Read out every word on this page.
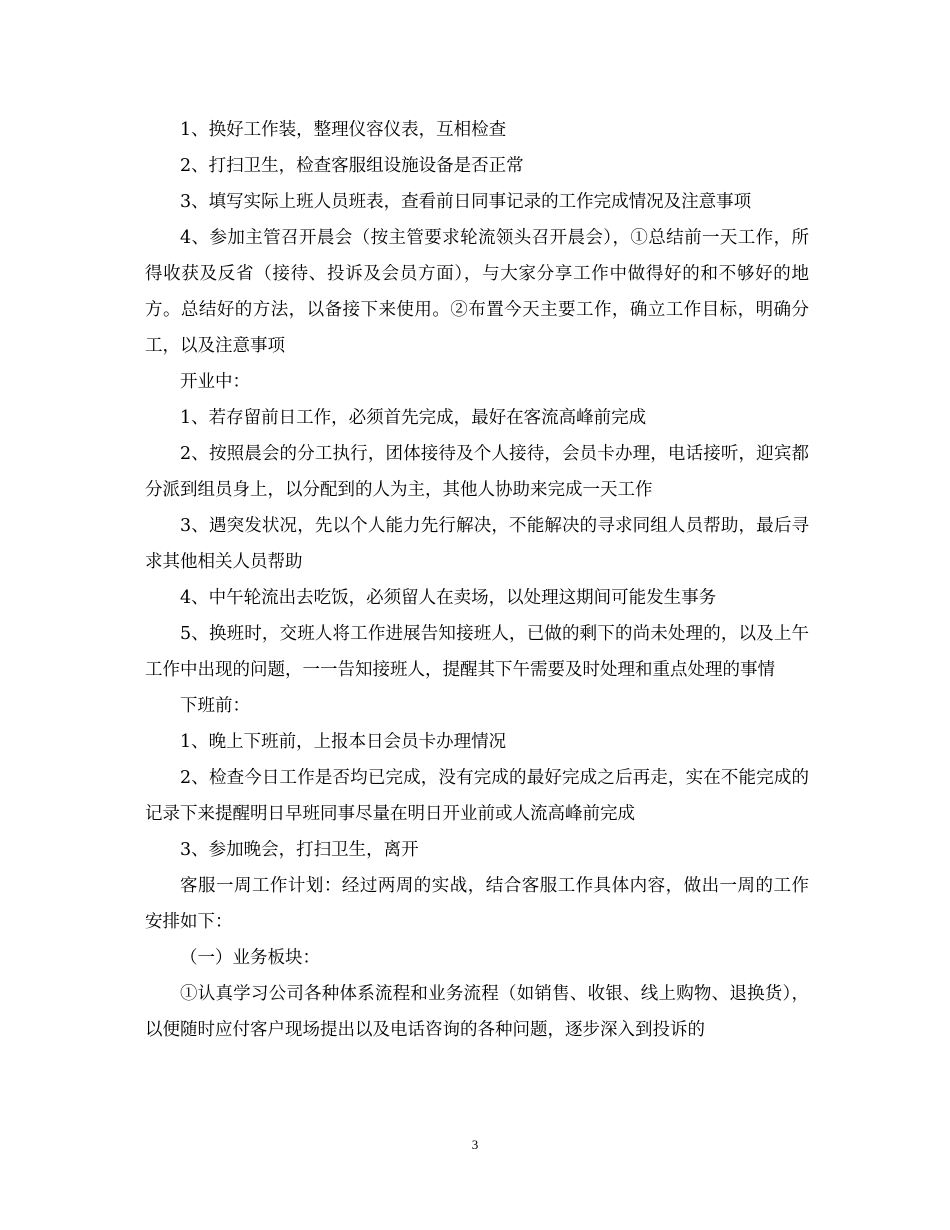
1、换好工作装，整理仪容仪表，互相检查

2、打扫卫生，检查客服组设施设备是否正常

3、填写实际上班人员班表，查看前日同事记录的工作完成情况及注意事项

4、参加主管召开晨会（按主管要求轮流领头召开晨会），①总结前一天工作，所得收获及反省（接待、投诉及会员方面），与大家分享工作中做得好的和不够好的地方。总结好的方法，以备接下来使用。②布置今天主要工作，确立工作目标，明确分工，以及注意事项

开业中：

1、若存留前日工作，必须首先完成，最好在客流高峰前完成

2、按照晨会的分工执行，团体接待及个人接待，会员卡办理，电话接听，迎宾都分派到组员身上，以分配到的人为主，其他人协助来完成一天工作

3、遇突发状况，先以个人能力先行解决，不能解决的寻求同组人员帮助，最后寻求其他相关人员帮助

4、中午轮流出去吃饭，必须留人在卖场，以处理这期间可能发生事务

5、换班时，交班人将工作进展告知接班人，已做的剩下的尚未处理的，以及上午工作中出现的问题，一一告知接班人，提醒其下午需要及时处理和重点处理的事情

下班前：

1、晚上下班前，上报本日会员卡办理情况

2、检查今日工作是否均已完成，没有完成的最好完成之后再走，实在不能完成的记录下来提醒明日早班同事尽量在明日开业前或人流高峰前完成

3、参加晚会，打扫卫生，离开

客服一周工作计划：经过两周的实战，结合客服工作具体内容，做出一周的工作安排如下：

（一）业务板块：

①认真学习公司各种体系流程和业务流程（如销售、收银、线上购物、退换货），以便随时应付客户现场提出以及电话咨询的各种问题，逐步深入到投诉的

3
